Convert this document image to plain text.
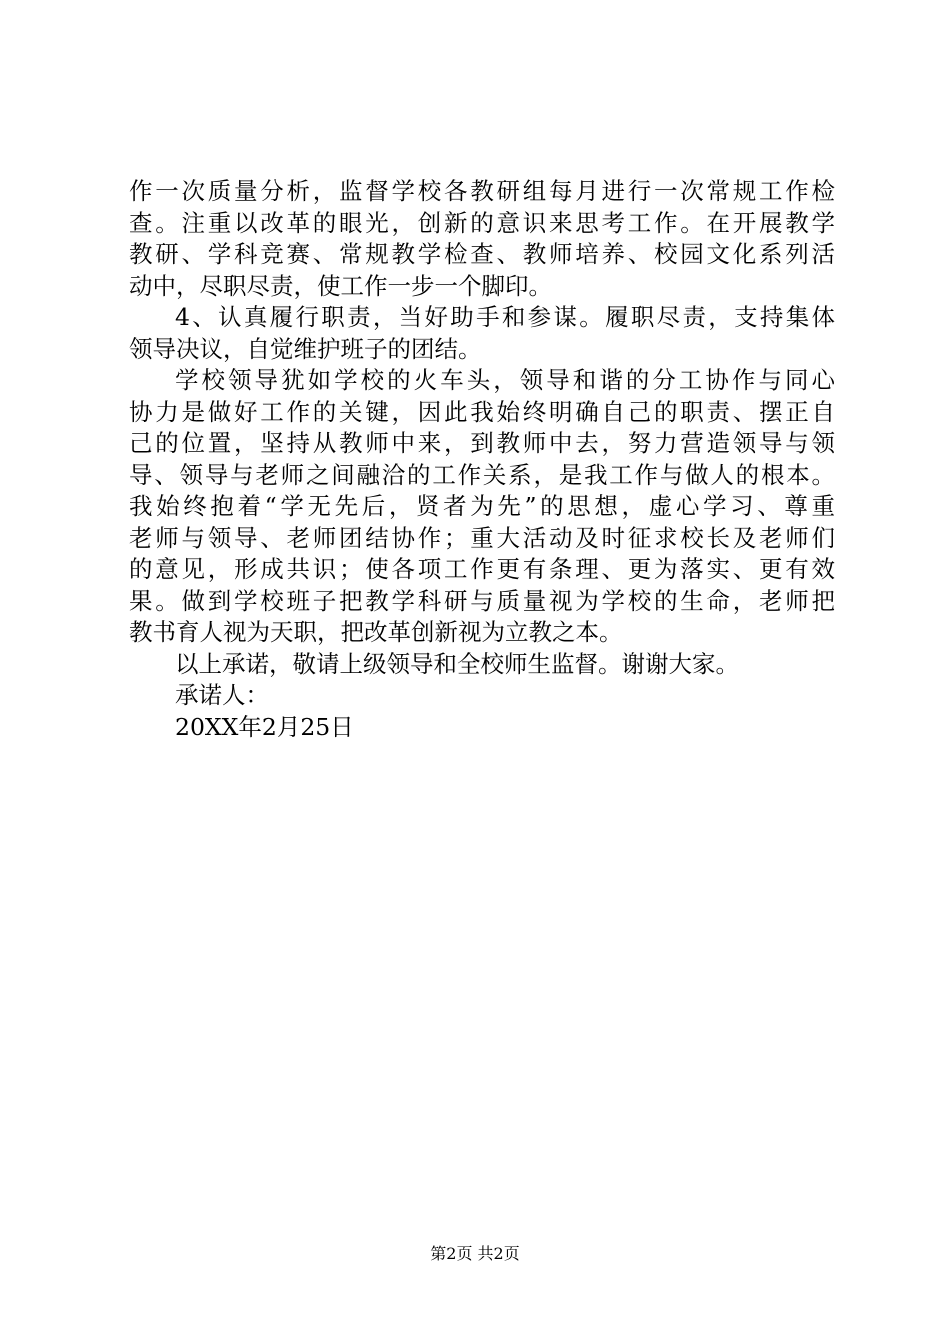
作一次质量分析，监督学校各教研组每月进行一次常规工作检
查。注重以改革的眼光，创新的意识来思考工作。在开展教学
教研、学科竞赛、常规教学检查、教师培养、校园文化系列活
动中，尽职尽责，使工作一步一个脚印。
4、认真履行职责，当好助手和参谋。履职尽责，支持集体
领导决议，自觉维护班子的团结。
学校领导犹如学校的火车头，领导和谐的分工协作与同心
协力是做好工作的关键，因此我始终明确自己的职责、摆正自
己的位置，坚持从教师中来，到教师中去，努力营造领导与领
导、领导与老师之间融洽的工作关系，是我工作与做人的根本。
我始终抱着“学无先后，贤者为先”的思想，虚心学习、尊重
老师与领导、老师团结协作；重大活动及时征求校长及老师们
的意见，形成共识；使各项工作更有条理、更为落实、更有效
果。做到学校班子把教学科研与质量视为学校的生命，老师把
教书育人视为天职，把改革创新视为立教之本。
以上承诺，敬请上级领导和全校师生监督。谢谢大家。
承诺人：
20XX年2月25日
第2页 共2页
